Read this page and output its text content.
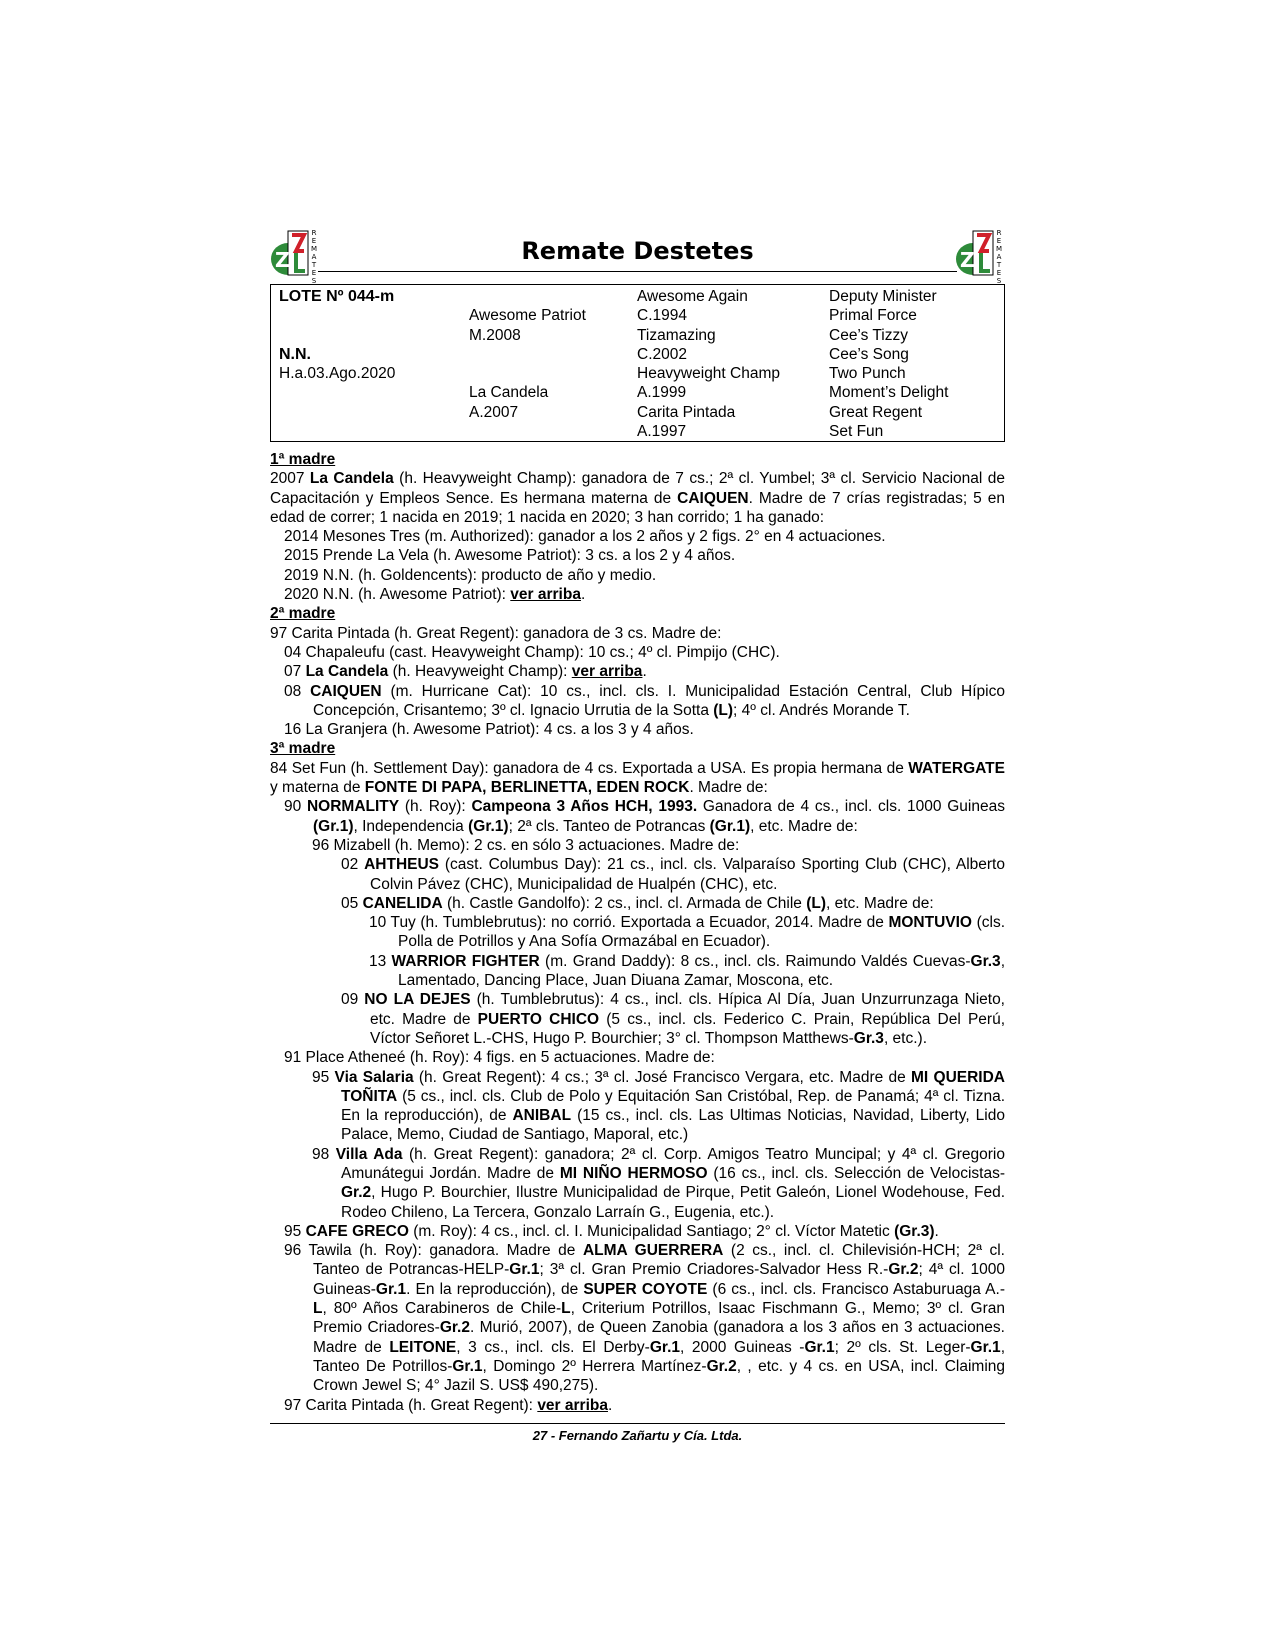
Z
R
E
M
A
T
E
S
Remate Destetes	Z
R
E
M
A
T
E
S
LOTE Nº 044-m
N.N.
H.a.03.Ago.2020
Awesome Patriot
M.2008
La Candela
A.2007
Awesome Again
C.1994
Tizamazing
C.2002
Heavyweight Champ
A.1999
Carita Pintada
A.1997
Deputy Minister
Primal Force
Cee’s Tizzy
Cee’s Song
Two Punch
Moment’s Delight
Great Regent
Set Fun

1ª madre

2007 La Candela (h. Heavyweight Champ): ganadora de 7 cs.; 2ª cl. Yumbel; 3ª cl. Servicio Nacional de Capacitación y Empleos Sence. Es hermana materna de CAIQUEN. Madre de 7 crías registradas; 5 en edad de correr; 1 nacida en 2019; 1 nacida en 2020; 3 han corrido; 1 ha ganado:

2014 Mesones Tres (m. Authorized): ganador a los 2 años y 2 figs. 2° en 4 actuaciones.

2015 Prende La Vela (h. Awesome Patriot): 3 cs. a los 2 y 4 años.

2019 N.N. (h. Goldencents): producto de año y medio.

2020 N.N. (h. Awesome Patriot): ver arriba.

2ª madre

97 Carita Pintada (h. Great Regent): ganadora de 3 cs. Madre de:

04 Chapaleufu (cast. Heavyweight Champ): 10 cs.; 4º cl. Pimpijo (CHC).

07 La Candela (h. Heavyweight Champ): ver arriba.

08 CAIQUEN (m. Hurricane Cat): 10 cs., incl. cls. I. Municipalidad Estación Central, Club Hípico Concepción, Crisantemo; 3º cl. Ignacio Urrutia de la Sotta (L); 4º cl. Andrés Morande T.

16 La Granjera (h. Awesome Patriot): 4 cs. a los 3 y 4 años.

3ª madre

84 Set Fun (h. Settlement Day): ganadora de 4 cs. Exportada a USA. Es propia hermana de WATERGATE y materna de FONTE DI PAPA, BERLINETTA, EDEN ROCK. Madre de:

90 NORMALITY (h. Roy): Campeona 3 Años HCH, 1993. Ganadora de 4 cs., incl. cls. 1000 Guineas (Gr.1), Independencia (Gr.1); 2ª cls. Tanteo de Potrancas (Gr.1), etc. Madre de:

96 Mizabell (h. Memo): 2 cs. en sólo 3 actuaciones. Madre de:

02 AHTHEUS (cast. Columbus Day): 21 cs., incl. cls. Valparaíso Sporting Club (CHC), Alberto Colvin Pávez (CHC), Municipalidad de Hualpén (CHC), etc.

05 CANELIDA (h. Castle Gandolfo): 2 cs., incl. cl. Armada de Chile (L), etc. Madre de:

10 Tuy (h. Tumblebrutus): no corrió. Exportada a Ecuador, 2014. Madre de MONTUVIO (cls. Polla de Potrillos y Ana Sofía Ormazábal en Ecuador).

13 WARRIOR FIGHTER (m. Grand Daddy): 8 cs., incl. cls. Raimundo Valdés Cuevas-Gr.3, Lamentado, Dancing Place, Juan Diuana Zamar, Moscona, etc.

09 NO LA DEJES (h. Tumblebrutus): 4 cs., incl. cls. Hípica Al Día, Juan Unzurrunzaga Nieto, etc. Madre de PUERTO CHICO (5 cs., incl. cls. Federico C. Prain, República Del Perú, Víctor Señoret L.-CHS, Hugo P. Bourchier; 3° cl. Thompson Matthews-Gr.3, etc.).

91 Place Atheneé (h. Roy): 4 figs. en 5 actuaciones. Madre de:

95 Via Salaria (h. Great Regent): 4 cs.; 3ª cl. José Francisco Vergara, etc. Madre de MI QUERIDA TOÑITA (5 cs., incl. cls. Club de Polo y Equitación San Cristóbal, Rep. de Panamá; 4ª cl. Tizna. En la reproducción), de ANIBAL (15 cs., incl. cls. Las Ultimas Noticias, Navidad, Liberty, Lido Palace, Memo, Ciudad de Santiago, Maporal, etc.)

98 Villa Ada (h. Great Regent): ganadora; 2ª cl. Corp. Amigos Teatro Muncipal; y 4ª cl. Gregorio Amunátegui Jordán. Madre de MI NIÑO HERMOSO (16 cs., incl. cls. Selección de Velocistas-Gr.2, Hugo P. Bourchier, Ilustre Municipalidad de Pirque, Petit Galeón, Lionel Wodehouse, Fed. Rodeo Chileno, La Tercera, Gonzalo Larraín G., Eugenia, etc.).

95 CAFE GRECO (m. Roy): 4 cs., incl. cl. I. Municipalidad Santiago; 2° cl. Víctor Matetic (Gr.3).

96 Tawila (h. Roy): ganadora. Madre de ALMA GUERRERA (2 cs., incl. cl. Chilevisión-HCH; 2ª cl. Tanteo de Potrancas-HELP-Gr.1; 3ª cl. Gran Premio Criadores-Salvador Hess R.-Gr.2; 4ª cl. 1000 Guineas-Gr.1. En la reproducción), de SUPER COYOTE (6 cs., incl. cls. Francisco Astaburuaga A.-L, 80º Años Carabineros de Chile-L, Criterium Potrillos, Isaac Fischmann G., Memo; 3º cl. Gran Premio Criadores-Gr.2. Murió, 2007), de Queen Zanobia (ganadora a los 3 años en 3 actuaciones. Madre de LEITONE, 3 cs., incl. cls. El Derby-Gr.1, 2000 Guineas -Gr.1; 2º cls. St. Leger-Gr.1, Tanteo De Potrillos-Gr.1, Domingo 2º Herrera Martínez-Gr.2, , etc. y 4 cs. en USA, incl. Claiming Crown Jewel S; 4° Jazil S. US$ 490,275).

97 Carita Pintada (h. Great Regent): ver arriba.

27 - Fernando Zañartu y Cía. Ltda.
